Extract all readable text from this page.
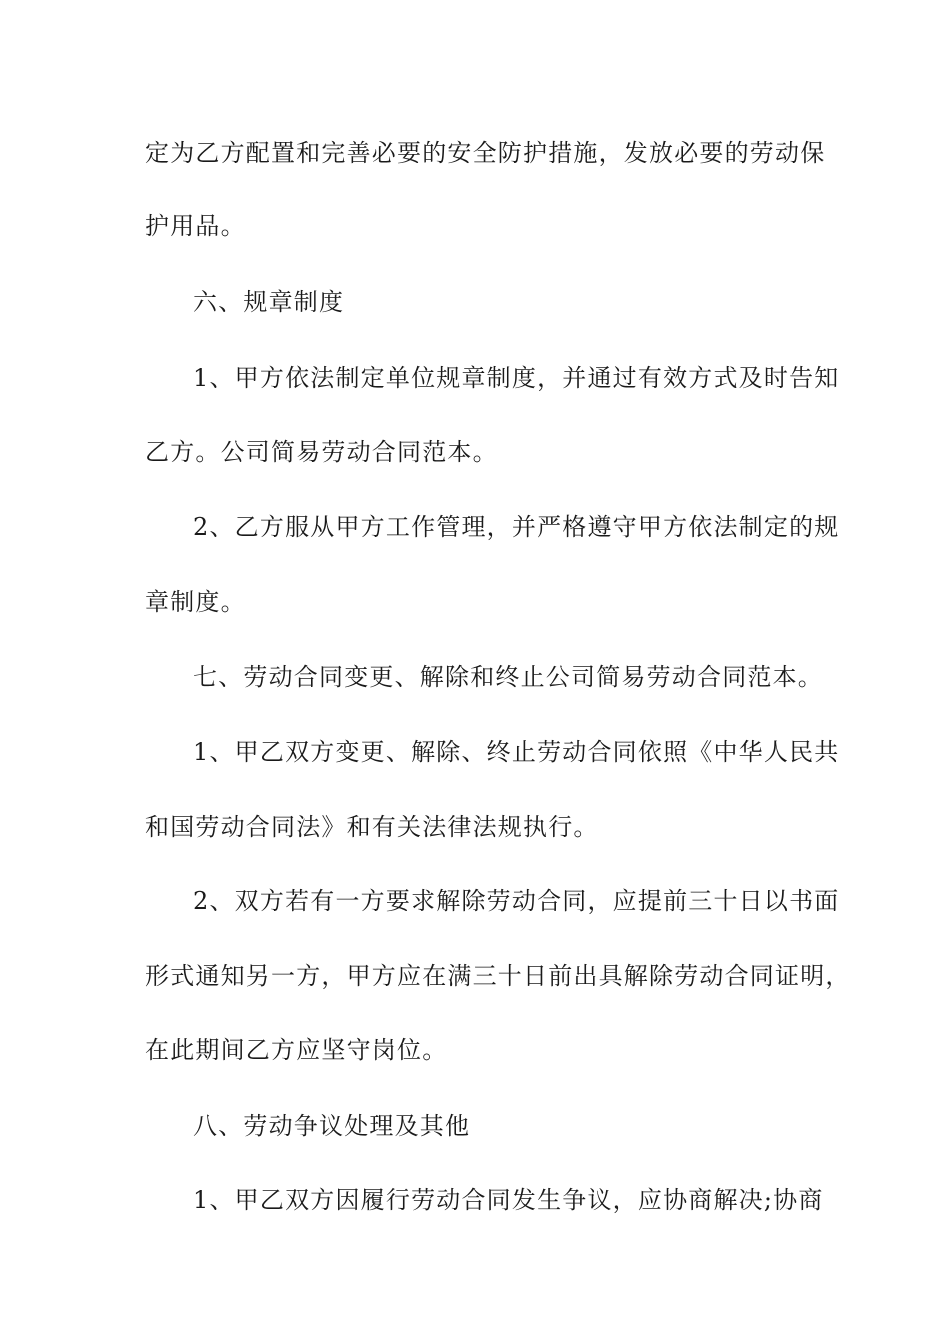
定为乙方配置和完善必要的安全防护措施，发放必要的劳动保
护用品。
六、规章制度
1、甲方依法制定单位规章制度，并通过有效方式及时告知
乙方。公司简易劳动合同范本。
2、乙方服从甲方工作管理，并严格遵守甲方依法制定的规
章制度。
七、劳动合同变更、解除和终止公司简易劳动合同范本。
1、甲乙双方变更、解除、终止劳动合同依照《中华人民共
和国劳动合同法》和有关法律法规执行。
2、双方若有一方要求解除劳动合同，应提前三十日以书面
形式通知另一方，甲方应在满三十日前出具解除劳动合同证明，
在此期间乙方应坚守岗位。
八、劳动争议处理及其他
1、甲乙双方因履行劳动合同发生争议，应协商解决;协商
